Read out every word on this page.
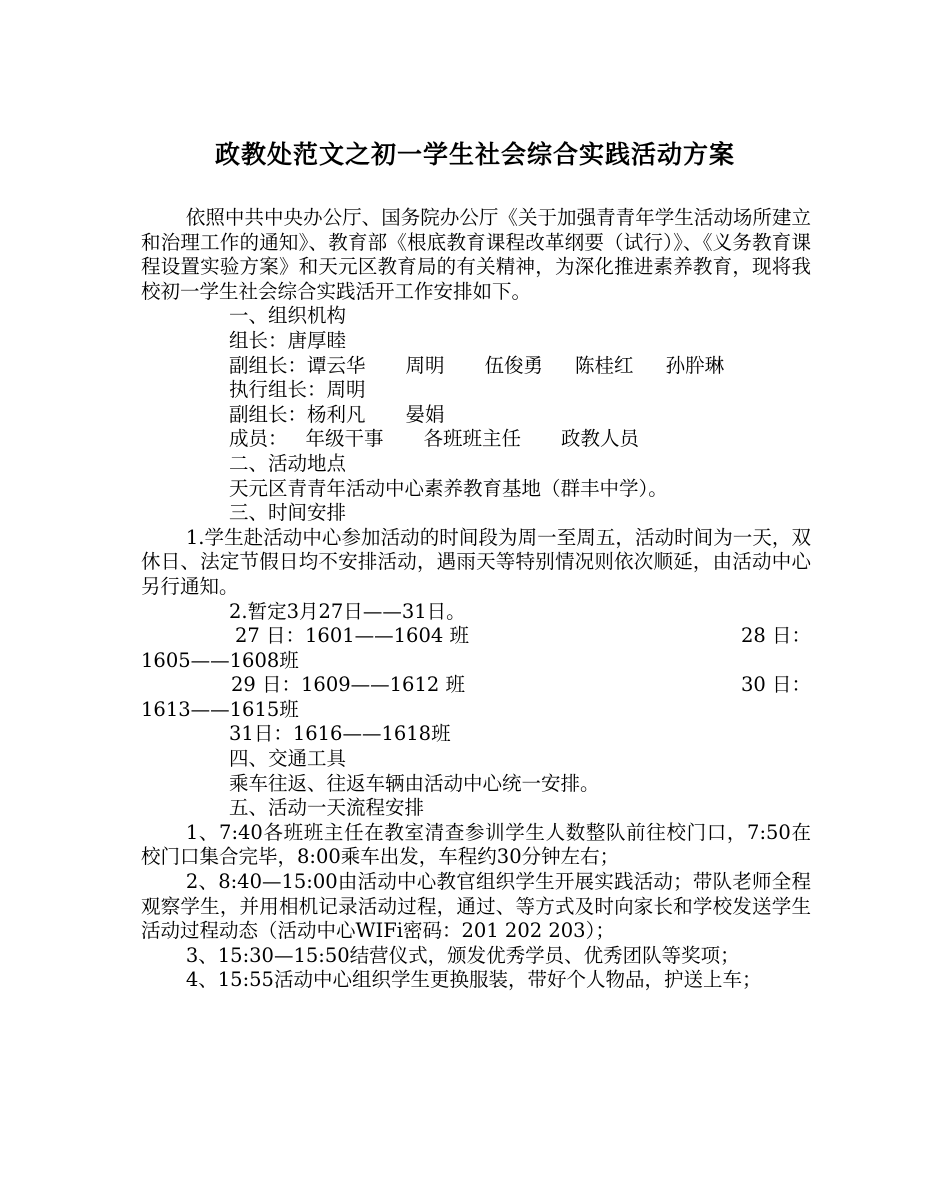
政教处范文之初一学生社会综合实践活动方案

依照中共中央办公厅、国务院办公厅《关于加强青青年学生活动场所建立和治理工作的通知》、教育部《根底教育课程改革纲要（试行）》、《义务教育课程设置实验方案》和天元区教育局的有关精神，为深化推进素养教育，现将我校初一学生社会综合实践活开工作安排如下。

一、组织机构

组长：唐厚睦

副组长：谭云华 周明 伍俊勇 陈桂红 孙肸琳

执行组长：周明

副组长：杨利凡 晏娟
成员： 年级干事 各班班主任 政教人员

二、活动地点

天元区青青年活动中心素养教育基地（群丰中学）。

三、时间安排

1.学生赴活动中心参加活动的时间段为周一至周五，活动时间为一天，双休日、法定节假日均不安排活动，遇雨天等特别情况则依次顺延，由活动中心另行通知。

2.暂定3月27日——31日。

27 日：1601——1604 班	28 日：
1605——1608班
29 日：1609——1612 班	30 日：
1613——1615班

31日：1616——1618班

四、交通工具

乘车往返、往返车辆由活动中心统一安排。

五、活动一天流程安排

1、7:40各班班主任在教室清查参训学生人数整队前往校门口，7:50在校门口集合完毕，8:00乘车出发，车程约30分钟左右；

2、8:40—15:00由活动中心教官组织学生开展实践活动；带队老师全程观察学生，并用相机记录活动过程，通过、等方式及时向家长和学校发送学生活动过程动态（活动中心WIFi密码：201 202 203）；

3、15:30—15:50结营仪式，颁发优秀学员、优秀团队等奖项；

4、15:55活动中心组织学生更换服装，带好个人物品，护送上车；
